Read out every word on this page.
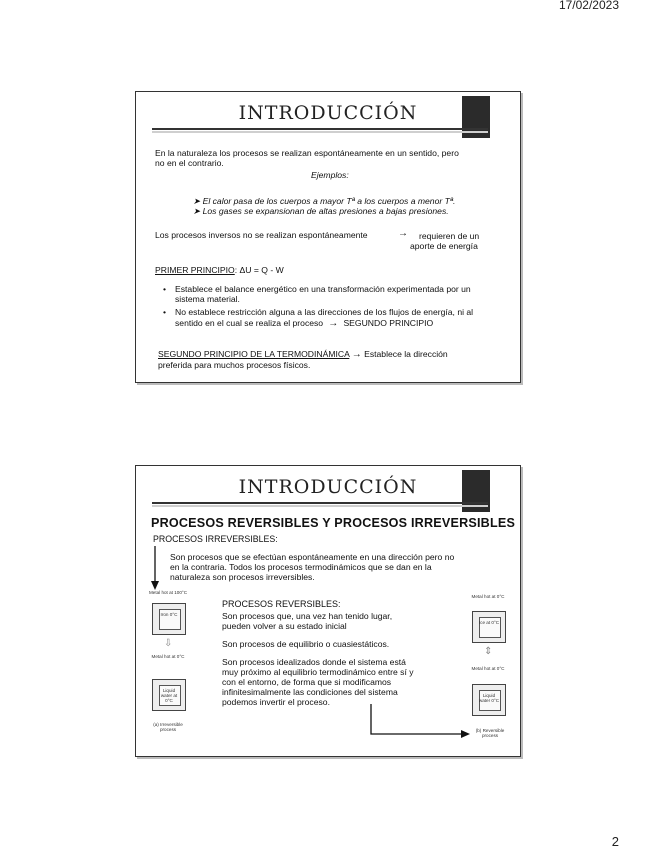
17/02/2023
INTRODUCCIÓN
En la naturaleza los procesos se realizan espontáneamente en un sentido, pero
no en el contrario.
Ejemplos:
➤ El calor pasa de los cuerpos a mayor Tª a los cuerpos a menor Tª.
➤ Los gases se expansionan de altas presiones a bajas presiones.
Los procesos inversos no se realizan espontáneamente	→ requieren de un
aporte de energía
PRIMER PRINCIPIO: ΔU = Q - W
• Establece el balance energético en una transformación experimentada por un
sistema material.
• No establece restricción alguna a las direcciones de los flujos de energía, ni al
sentido en el cual se realiza el proceso  →  SEGUNDO PRINCIPIO
SEGUNDO PRINCIPIO DE LA TERMODINÁMICA → Establece la dirección
preferida para muchos procesos físicos.
INTRODUCCIÓN
PROCESOS REVERSIBLES Y PROCESOS IRREVERSIBLES
PROCESOS IRREVERSIBLES:
Son procesos que se efectúan espontáneamente en una dirección pero no
en la contraria. Todos los procesos termodinámicos que se dan en la
naturaleza son procesos irreversibles.
Metal hot at 100°C
Iron 0°C
⇩
Metal hot at 0°C
Liquid water at 0°C
(a) Irreversible process
PROCESOS REVERSIBLES:
Son procesos que, una vez han tenido lugar,
pueden volver a su estado inicial
Son procesos de equilibrio o cuasiestáticos.
Son procesos idealizados donde el sistema está
muy próximo al equilibrio termodinámico entre sí y
con el entorno, de forma que si modificamos
infinitesimalmente las condiciones del sistema
podemos invertir el proceso.
Metal hot at 0°C
Ice at 0°C
⇕
Metal hot at 0°C
Liquid water 0°C
(b) Reversible process
2
